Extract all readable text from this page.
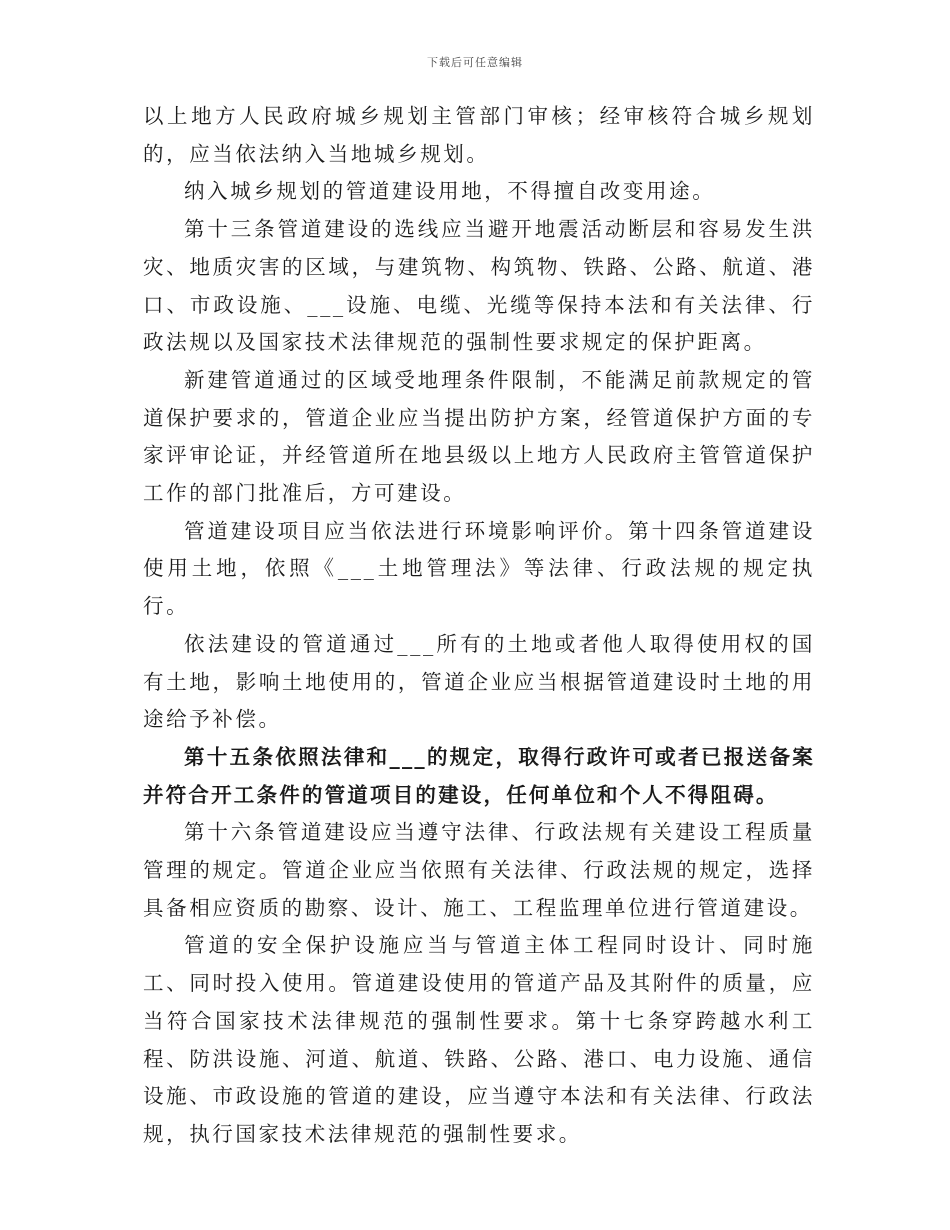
下载后可任意编辑

以上地方人民政府城乡规划主管部门审核；经审核符合城乡规划的，应当依法纳入当地城乡规划。

纳入城乡规划的管道建设用地，不得擅自改变用途。

第十三条管道建设的选线应当避开地震活动断层和容易发生洪灾、地质灾害的区域，与建筑物、构筑物、铁路、公路、航道、港口、市政设施、___设施、电缆、光缆等保持本法和有关法律、行政法规以及国家技术法律规范的强制性要求规定的保护距离。

新建管道通过的区域受地理条件限制，不能满足前款规定的管道保护要求的，管道企业应当提出防护方案，经管道保护方面的专家评审论证，并经管道所在地县级以上地方人民政府主管管道保护工作的部门批准后，方可建设。

管道建设项目应当依法进行环境影响评价。第十四条管道建设使用土地，依照《___土地管理法》等法律、行政法规的规定执行。

依法建设的管道通过___所有的土地或者他人取得使用权的国有土地，影响土地使用的，管道企业应当根据管道建设时土地的用途给予补偿。

第十五条依照法律和___的规定，取得行政许可或者已报送备案并符合开工条件的管道项目的建设，任何单位和个人不得阻碍。

第十六条管道建设应当遵守法律、行政法规有关建设工程质量管理的规定。管道企业应当依照有关法律、行政法规的规定，选择具备相应资质的勘察、设计、施工、工程监理单位进行管道建设。

管道的安全保护设施应当与管道主体工程同时设计、同时施工、同时投入使用。管道建设使用的管道产品及其附件的质量，应当符合国家技术法律规范的强制性要求。第十七条穿跨越水利工程、防洪设施、河道、航道、铁路、公路、港口、电力设施、通信设施、市政设施的管道的建设，应当遵守本法和有关法律、行政法规，执行国家技术法律规范的强制性要求。
